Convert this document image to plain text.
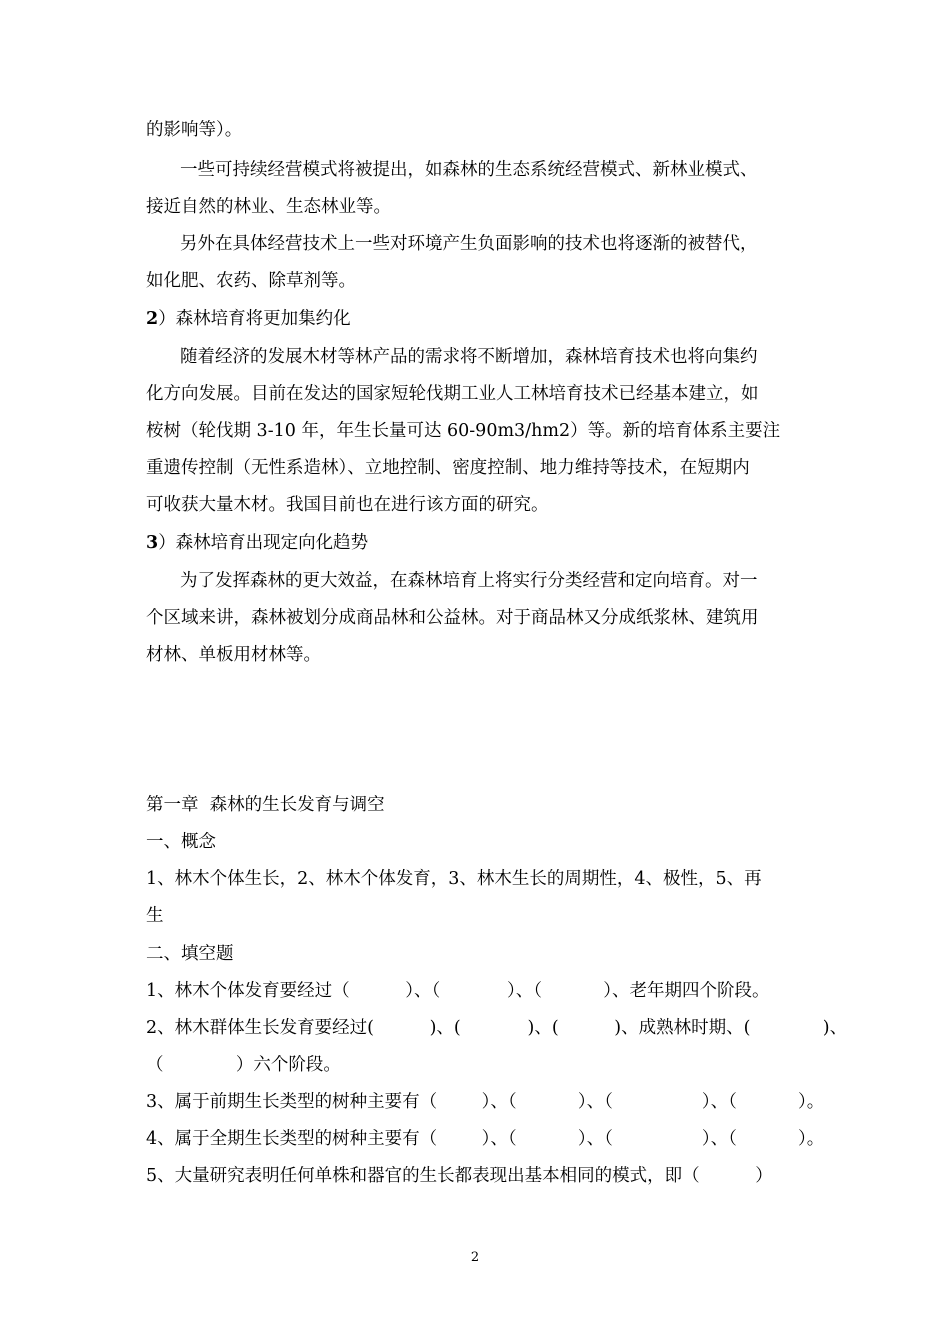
的影响等）。
一些可持续经营模式将被提出，如森林的生态系统经营模式、新林业模式、
接近自然的林业、生态林业等。
另外在具体经营技术上一些对环境产生负面影响的技术也将逐渐的被替代，
如化肥、农药、除草剂等。
2）森林培育将更加集约化
随着经济的发展木材等林产品的需求将不断增加，森林培育技术也将向集约
化方向发展。目前在发达的国家短轮伐期工业人工林培育技术已经基本建立，如
桉树（轮伐期 3-10 年，年生长量可达 60-90m3/hm2）等。新的培育体系主要注
重遗传控制（无性系造林）、立地控制、密度控制、地力维持等技术，在短期内
可收获大量木材。我国目前也在进行该方面的研究。
3）森林培育出现定向化趋势
为了发挥森林的更大效益，在森林培育上将实行分类经营和定向培育。对一
个区域来讲，森林被划分成商品林和公益林。对于商品林又分成纸浆林、建筑用
材林、单板用材林等。
第一章  森林的生长发育与调空
一、概念
1、林木个体生长，2、林木个体发育，3、林木生长的周期性，4、极性，5、再
生
二、填空题
1、林木个体发育要经过（          ）、（            ）、（           ）、老年期四个阶段。
2、林木群体生长发育要经过(          )、(            )、(          )、成熟林时期、(             )、
（             ）六个阶段。
3、属于前期生长类型的树种主要有（        ）、（           ）、（                ）、（           ）。
4、属于全期生长类型的树种主要有（        ）、（           ）、（                ）、（           ）。
5、大量研究表明任何单株和器官的生长都表现出基本相同的模式，即（          ）
2
